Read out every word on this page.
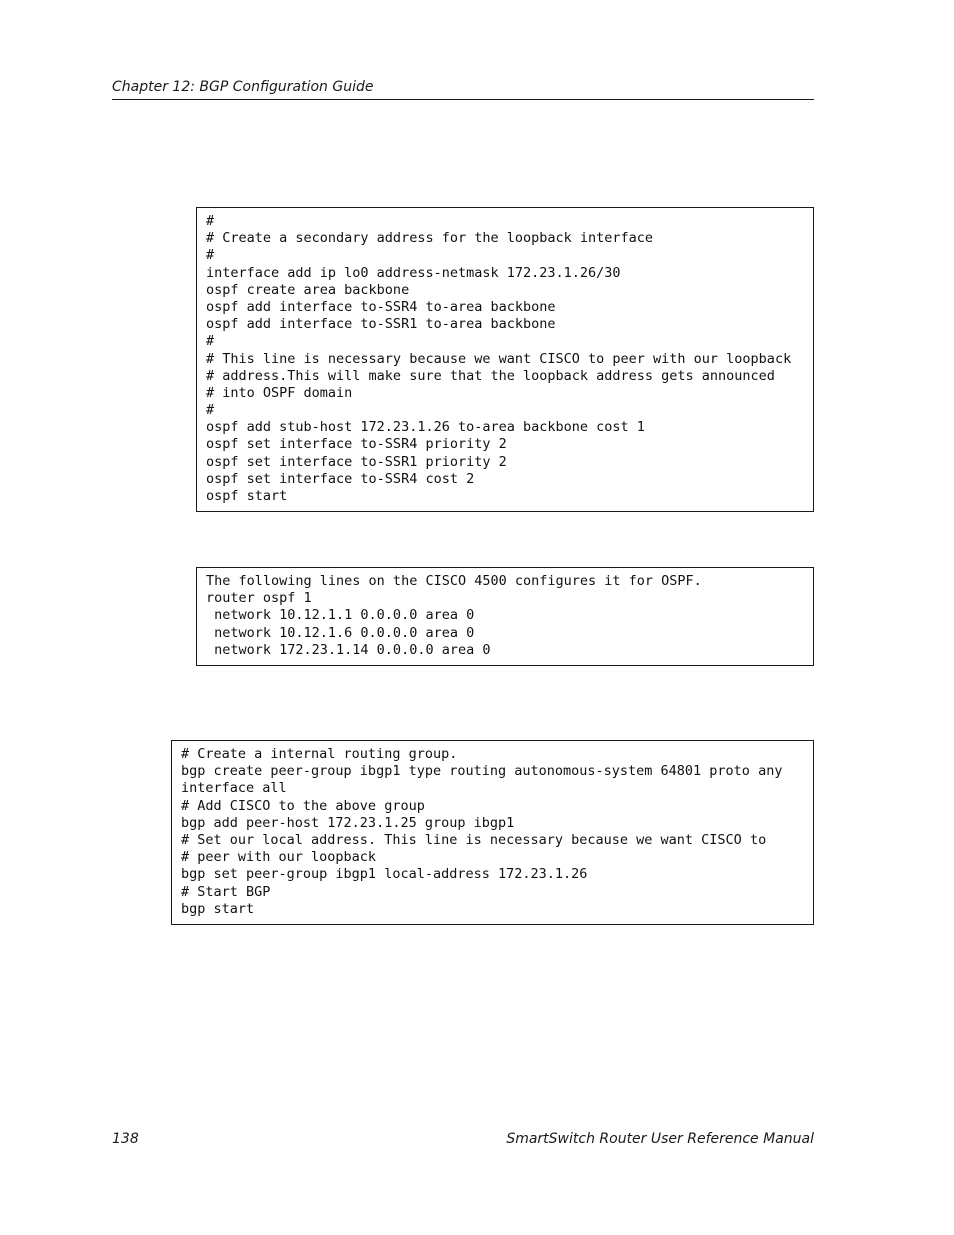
Chapter 12: BGP Configuration Guide
#
# Create a secondary address for the loopback interface
#
interface add ip lo0 address-netmask 172.23.1.26/30
ospf create area backbone
ospf add interface to-SSR4 to-area backbone
ospf add interface to-SSR1 to-area backbone
#
# This line is necessary because we want CISCO to peer with our loopback
# address.This will make sure that the loopback address gets announced
# into OSPF domain
#
ospf add stub-host 172.23.1.26 to-area backbone cost 1
ospf set interface to-SSR4 priority 2
ospf set interface to-SSR1 priority 2
ospf set interface to-SSR4 cost 2
ospf start
The following lines on the CISCO 4500 configures it for OSPF.
router ospf 1
network 10.12.1.1 0.0.0.0 area 0
network 10.12.1.6 0.0.0.0 area 0
network 172.23.1.14 0.0.0.0 area 0
# Create a internal routing group.
bgp create peer-group ibgp1 type routing autonomous-system 64801 proto any
interface all
# Add CISCO to the above group
bgp add peer-host 172.23.1.25 group ibgp1
# Set our local address. This line is necessary because we want CISCO to
# peer with our loopback
bgp set peer-group ibgp1 local-address 172.23.1.26
# Start BGP
bgp start
138	SmartSwitch Router User Reference Manual
